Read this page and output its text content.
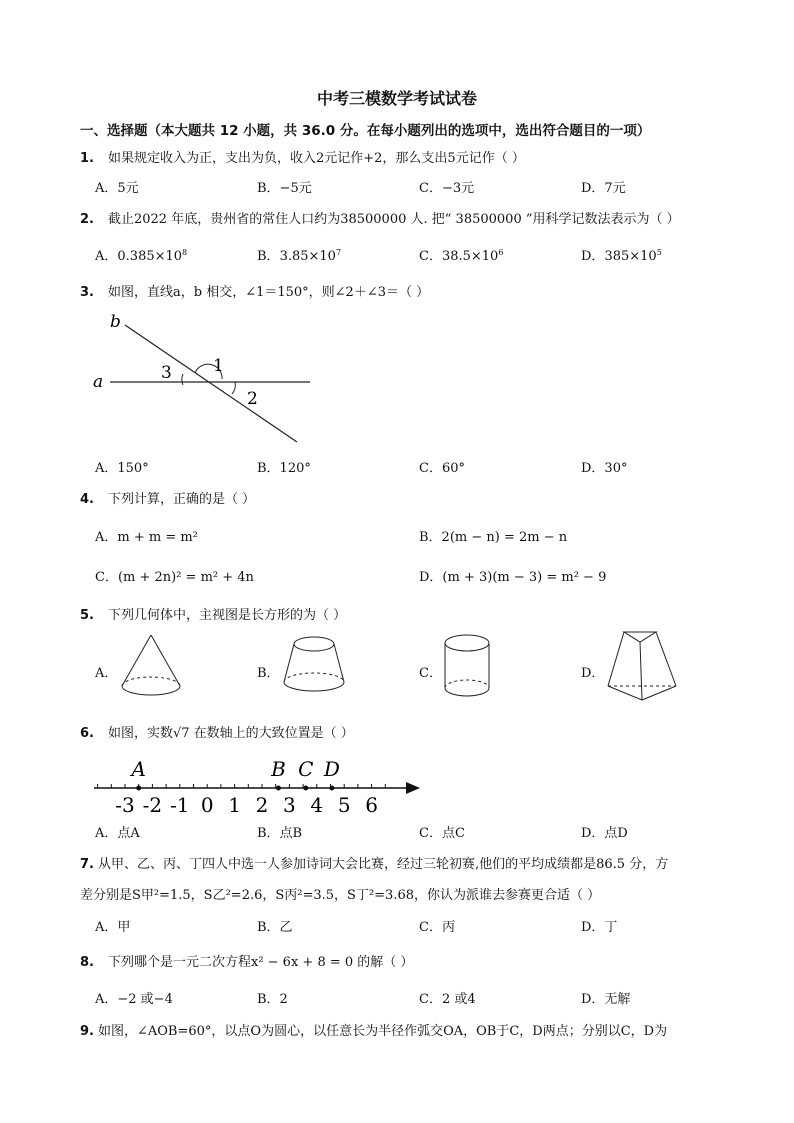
中考三模数学考试试卷
一、选择题（本大题共 12 小题，共 36.0 分。在每小题列出的选项中，选出符合题目的一项）
1. 如果规定收入为正，支出为负，收入2元记作+2，那么支出5元记作（ ）
A．5元	B．−5元	C．−3元	D．7元
2. 截止2022 年底，贵州省的常住人口约为38500000 人. 把“ 38500000 ”用科学记数法表示为（ ）
A．$0.385\times 10^8$	B．$3.85\times 10^7$	C．$38.5\times 10^6$	D．$385\times 10^5$
3. 如图，直线a，b 相交，∠1＝150°，则∠2＋∠3＝（ ）
a
b
1
2
3
A．150°	B．120°	C．60°	D．30°
4. 下列计算，正确的是（ ）
A．m + m = m²	B．2(m − n) = 2m − n
C．(m + 2n)² = m² + 4n	D．(m + 3)(m − 3) = m² − 9
5. 下列几何体中，主视图是长方形的为（ ）
A．	B．	C．	D．
6. 如图，实数√7 在数轴上的大致位置是（ ）
-3 -2 -1 0 1 2 3 4 5 6
A	B C D
A．点A	B．点B	C．点C	D．点D
7. 从甲、乙、丙、丁四人中选一人参加诗词大会比赛，经过三轮初赛,他们的平均成绩都是86.5 分，方
差分别是S甲²=1.5，S乙²=2.6，S丙²=3.5，S丁²=3.68，你认为派谁去参赛更合适（ ）
A．甲	B．乙	C．丙	D．丁
8. 下列哪个是一元二次方程x² − 6x + 8 = 0 的解（ ）
A．−2 或−4	B．2	C．2 或4	D．无解
9. 如图，∠AOB=60°，以点O为圆心，以任意长为半径作弧交OA，OB于C，D两点；分别以C，D为
